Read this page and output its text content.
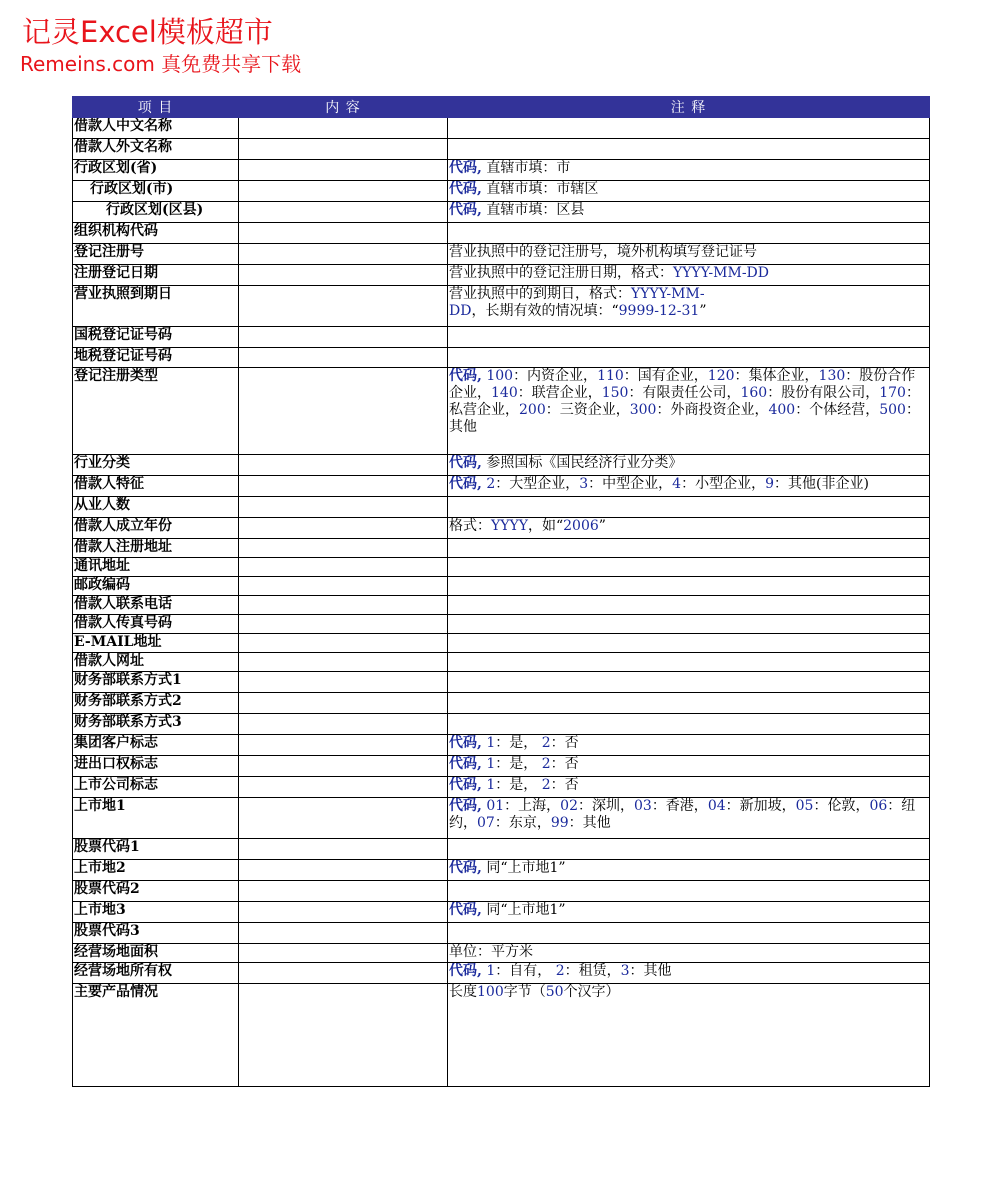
记灵Excel模板超市
Remeins.com 真免费共享下载
项 目	内 容	注 释
借款人中文名称		
借款人外文名称		
行政区划(省)		代码, 直辖市填：市
行政区划(市)		代码, 直辖市填：市辖区
行政区划(区县)		代码, 直辖市填：区县
组织机构代码		
登记注册号		营业执照中的登记注册号，境外机构填写登记证号
注册登记日期		营业执照中的登记注册日期，格式：YYYY-MM-DD
营业执照到期日		营业执照中的到期日，格式：YYYY-MM-
DD，长期有效的情况填：“9999-12-31”
国税登记证号码		
地税登记证号码		
登记注册类型		代码, 100：内资企业，110：国有企业，120：集体企业，130：股份合作企业，140：联营企业，150：有限责任公司，160：股份有限公司，170：私营企业，200：三资企业，300：外商投资企业，400：个体经营，500：其他
行业分类		代码, 参照国标《国民经济行业分类》
借款人特征		代码, 2：大型企业，3：中型企业，4：小型企业，9：其他(非企业)
从业人数		
借款人成立年份		格式：YYYY，如“2006”
借款人注册地址		
通讯地址		
邮政编码		
借款人联系电话		
借款人传真号码		
E-MAIL地址		
借款人网址		
财务部联系方式1		
财务部联系方式2		
财务部联系方式3		
集团客户标志		代码, 1：是， 2：否
进出口权标志		代码, 1：是， 2：否
上市公司标志		代码, 1：是， 2：否
上市地1		代码, 01：上海，02：深圳，03：香港，04：新加坡，05：伦敦，06：纽约，07：东京，99：其他
股票代码1		
上市地2		代码, 同“上市地1”
股票代码2		
上市地3		代码, 同“上市地1”
股票代码3		
经营场地面积		单位：平方米
经营场地所有权		代码, 1：自有， 2：租赁，3：其他
主要产品情况		长度100字节（50个汉字）
